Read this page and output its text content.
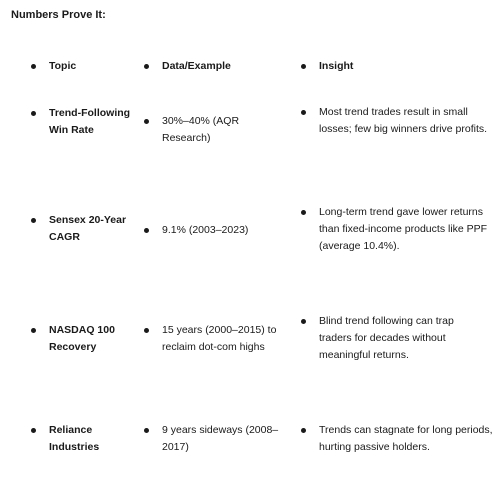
Numbers Prove It:
Topic	Data/Example	Insight
Trend-Following Win Rate
30%–40% (AQR Research)
Most trend trades result in small losses; few big winners drive profits.
Sensex 20-Year CAGR
9.1% (2003–2023)
Long-term trend gave lower returns than fixed-income products like PPF (average 10.4%).
NASDAQ 100 Recovery
15 years (2000–2015) to reclaim dot-com highs
Blind trend following can trap traders for decades without meaningful returns.
Reliance Industries
9 years sideways (2008–2017)
Trends can stagnate for long periods, hurting passive holders.
